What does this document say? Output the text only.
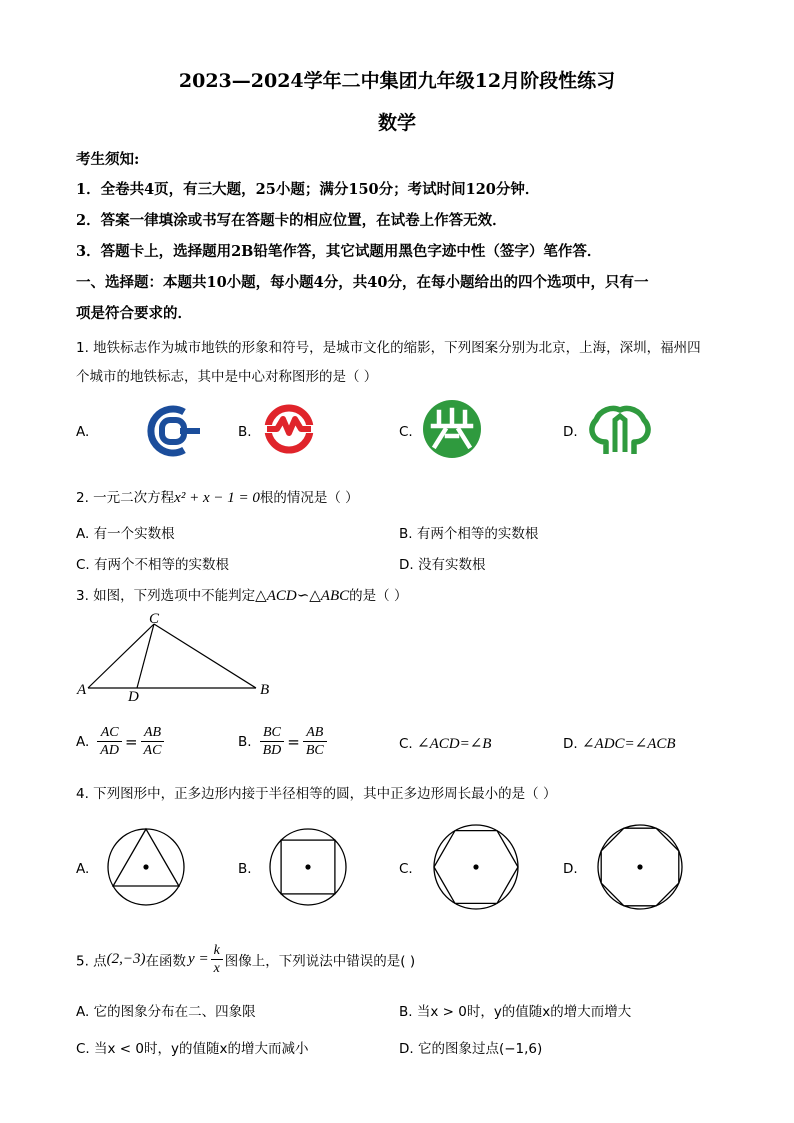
2023—2024学年二中集团九年级12月阶段性练习
数学
考生须知:
1．全卷共4页，有三大题，25小题；满分150分；考试时间120分钟．
2．答案一律填涂或书写在答题卡的相应位置，在试卷上作答无效．
3．答题卡上，选择题用2B铅笔作答，其它试题用黑色字迹中性（签字）笔作答．
一、选择题：本题共10小题，每小题4分，共40分，在每小题给出的四个选项中，只有一
项是符合要求的．
1. 地铁标志作为城市地铁的形象和符号，是城市文化的缩影，下列图案分别为北京，上海，深圳，福州四
个城市的地铁标志，其中是中心对称图形的是（ ）
A.	B.	C.	D.
2. 一元二次方程x² + x − 1 = 0根的情况是（ ）
A. 有一个实数根	B. 有两个相等的实数根
C. 有两个不相等的实数根	D. 没有实数根
3. 如图，下列选项中不能判定△ACD∽△ABC的是（ ）
A	B
C
D
A. $\frac{AC}{AD} = \frac{AB}{AC}$	B. $\frac{BC}{BD} = \frac{AB}{BC}$	C. ∠ACD=∠B	D. ∠ADC=∠ACB
4. 下列图形中，正多边形内接于半径相等的圆，其中正多边形周长最小的是（ ）
A.	B.	C.	D.
5. 点(2,−3)在函数 $y = \frac{k}{x}$ 图像上，下列说法中错误的是( )
A. 它的图象分布在二、四象限	B. 当x > 0时，y的值随x的增大而增大
C. 当x < 0时，y的值随x的增大而减小	D. 它的图象过点(−1,6)
